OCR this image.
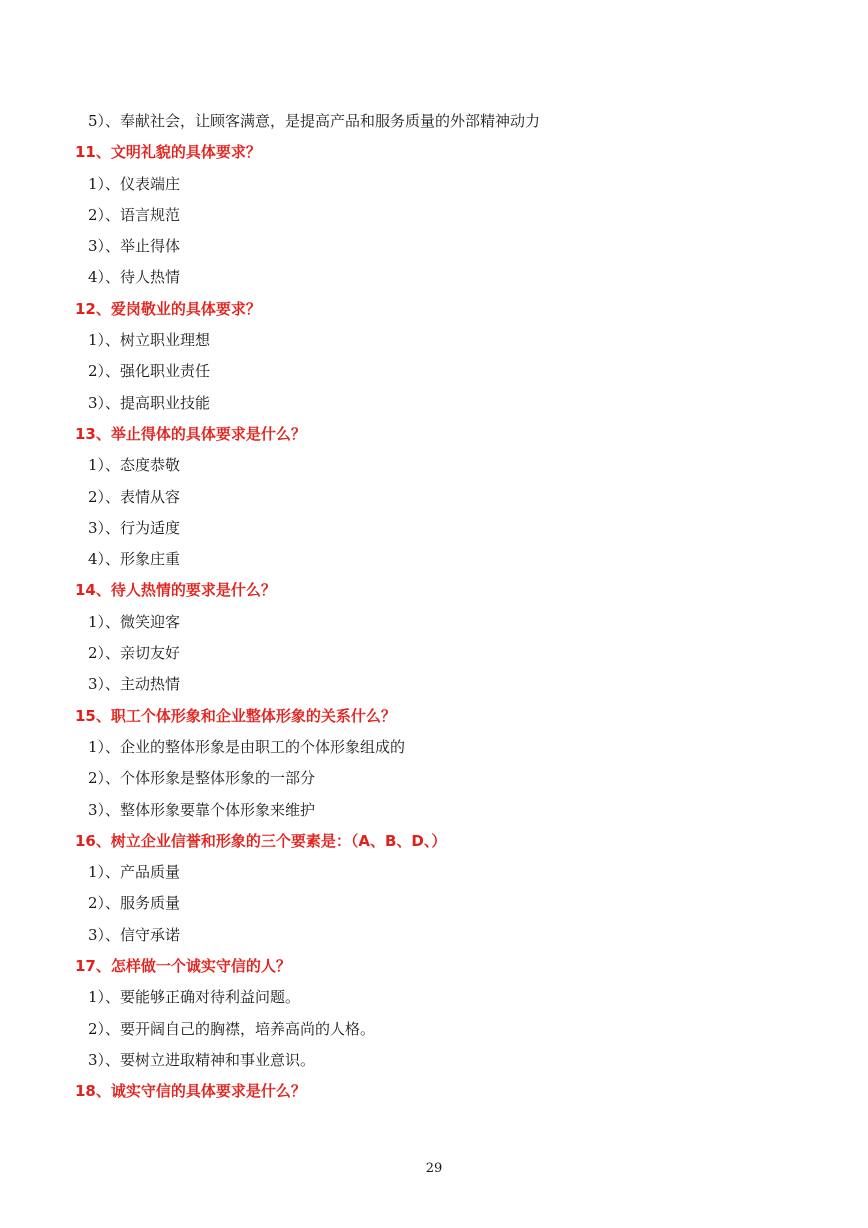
5）、奉献社会，让顾客满意，是提高产品和服务质量的外部精神动力
11、文明礼貌的具体要求？
1）、仪表端庄
2）、语言规范
3）、举止得体
4）、待人热情
12、爱岗敬业的具体要求？
1）、树立职业理想
2）、强化职业责任
3）、提高职业技能
13、举止得体的具体要求是什么？
1）、态度恭敬
2）、表情从容
3）、行为适度
4）、形象庄重
14、待人热情的要求是什么？
1）、微笑迎客
2）、亲切友好
3）、主动热情
15、职工个体形象和企业整体形象的关系什么？
1）、企业的整体形象是由职工的个体形象组成的
2）、个体形象是整体形象的一部分
3）、整体形象要靠个体形象来维护
16、树立企业信誉和形象的三个要素是：（A、B、D、）
1）、产品质量
2）、服务质量
3）、信守承诺
17、怎样做一个诚实守信的人？
1）、要能够正确对待利益问题。
2）、要开阔自己的胸襟，培养高尚的人格。
3）、要树立进取精神和事业意识。
18、诚实守信的具体要求是什么？
29
